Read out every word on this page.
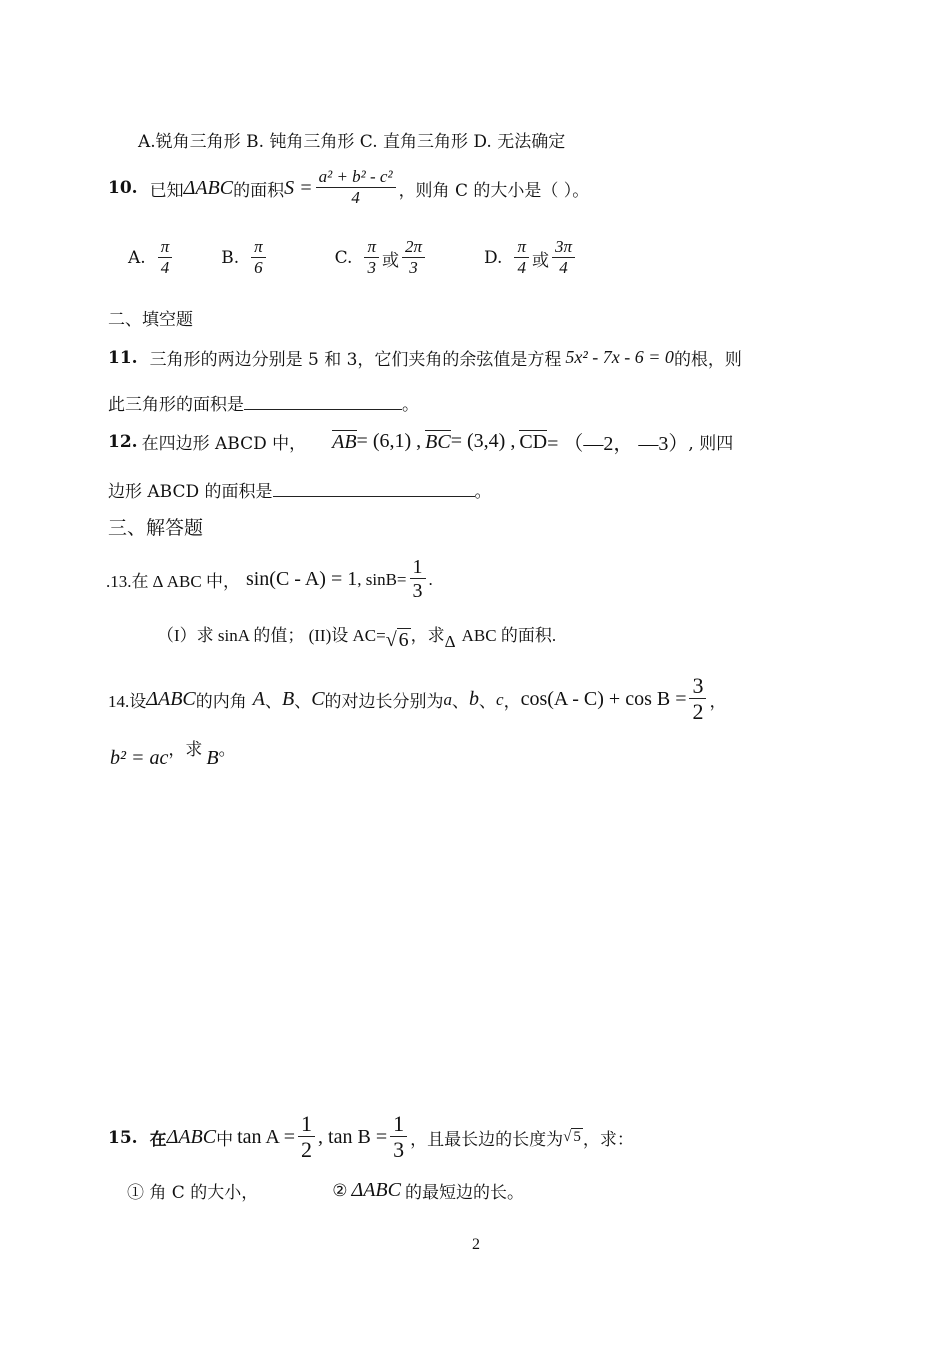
A.锐角三角形 B. 钝角三角形 C. 直角三角形 D. 无法确定
10. 已知 ΔABC 的面积 $S = \frac{\text{a² + b² - c²}}{4}$ ，则角 C 的大小是（ ）。
A. $\frac{\pi}{4}$	B. $\frac{\pi}{6}$	C. $\frac{\pi}{3}$ 或 $\frac{2\pi}{3}$	D. $\frac{\pi}{4}$ 或 $\frac{3\pi}{4}$
二、填空题
11. 三角形的两边分别是 5 和 3，它们夹角的余弦值是方程 5x² - 7x - 6 = 0 的根，则
此三角形的面积是	。
12. 在四边形 ABCD 中， AB = (6,1) , BC = (3,4) , CD = （—2， —3） , 则四
边形 ABCD 的面积是	。
三、解答题
.13.在 Δ ABC 中， sin(C - A) = 1 , $\sin B= \frac{1}{3}$ .
（I）求 sinA 的值； (II)设 AC= √ 6 ，求 Δ ABC 的面积.
14.设 ΔABC 的内角 A 、 B 、 C 的对边长分别为 a 、 b 、 c ， $\cos(A - C) + \cos B = \frac{3}{2}$ ，
b² = ac ，求 B 。
15. 在 ΔABC 中 $\tan A = \frac{1}{2}$ , $\tan B = \frac{1}{3}$ ，且最长边的长度为 √ 5 ，求：
① 角 C 的大小，	② ΔABC 的最短边的长。
2
